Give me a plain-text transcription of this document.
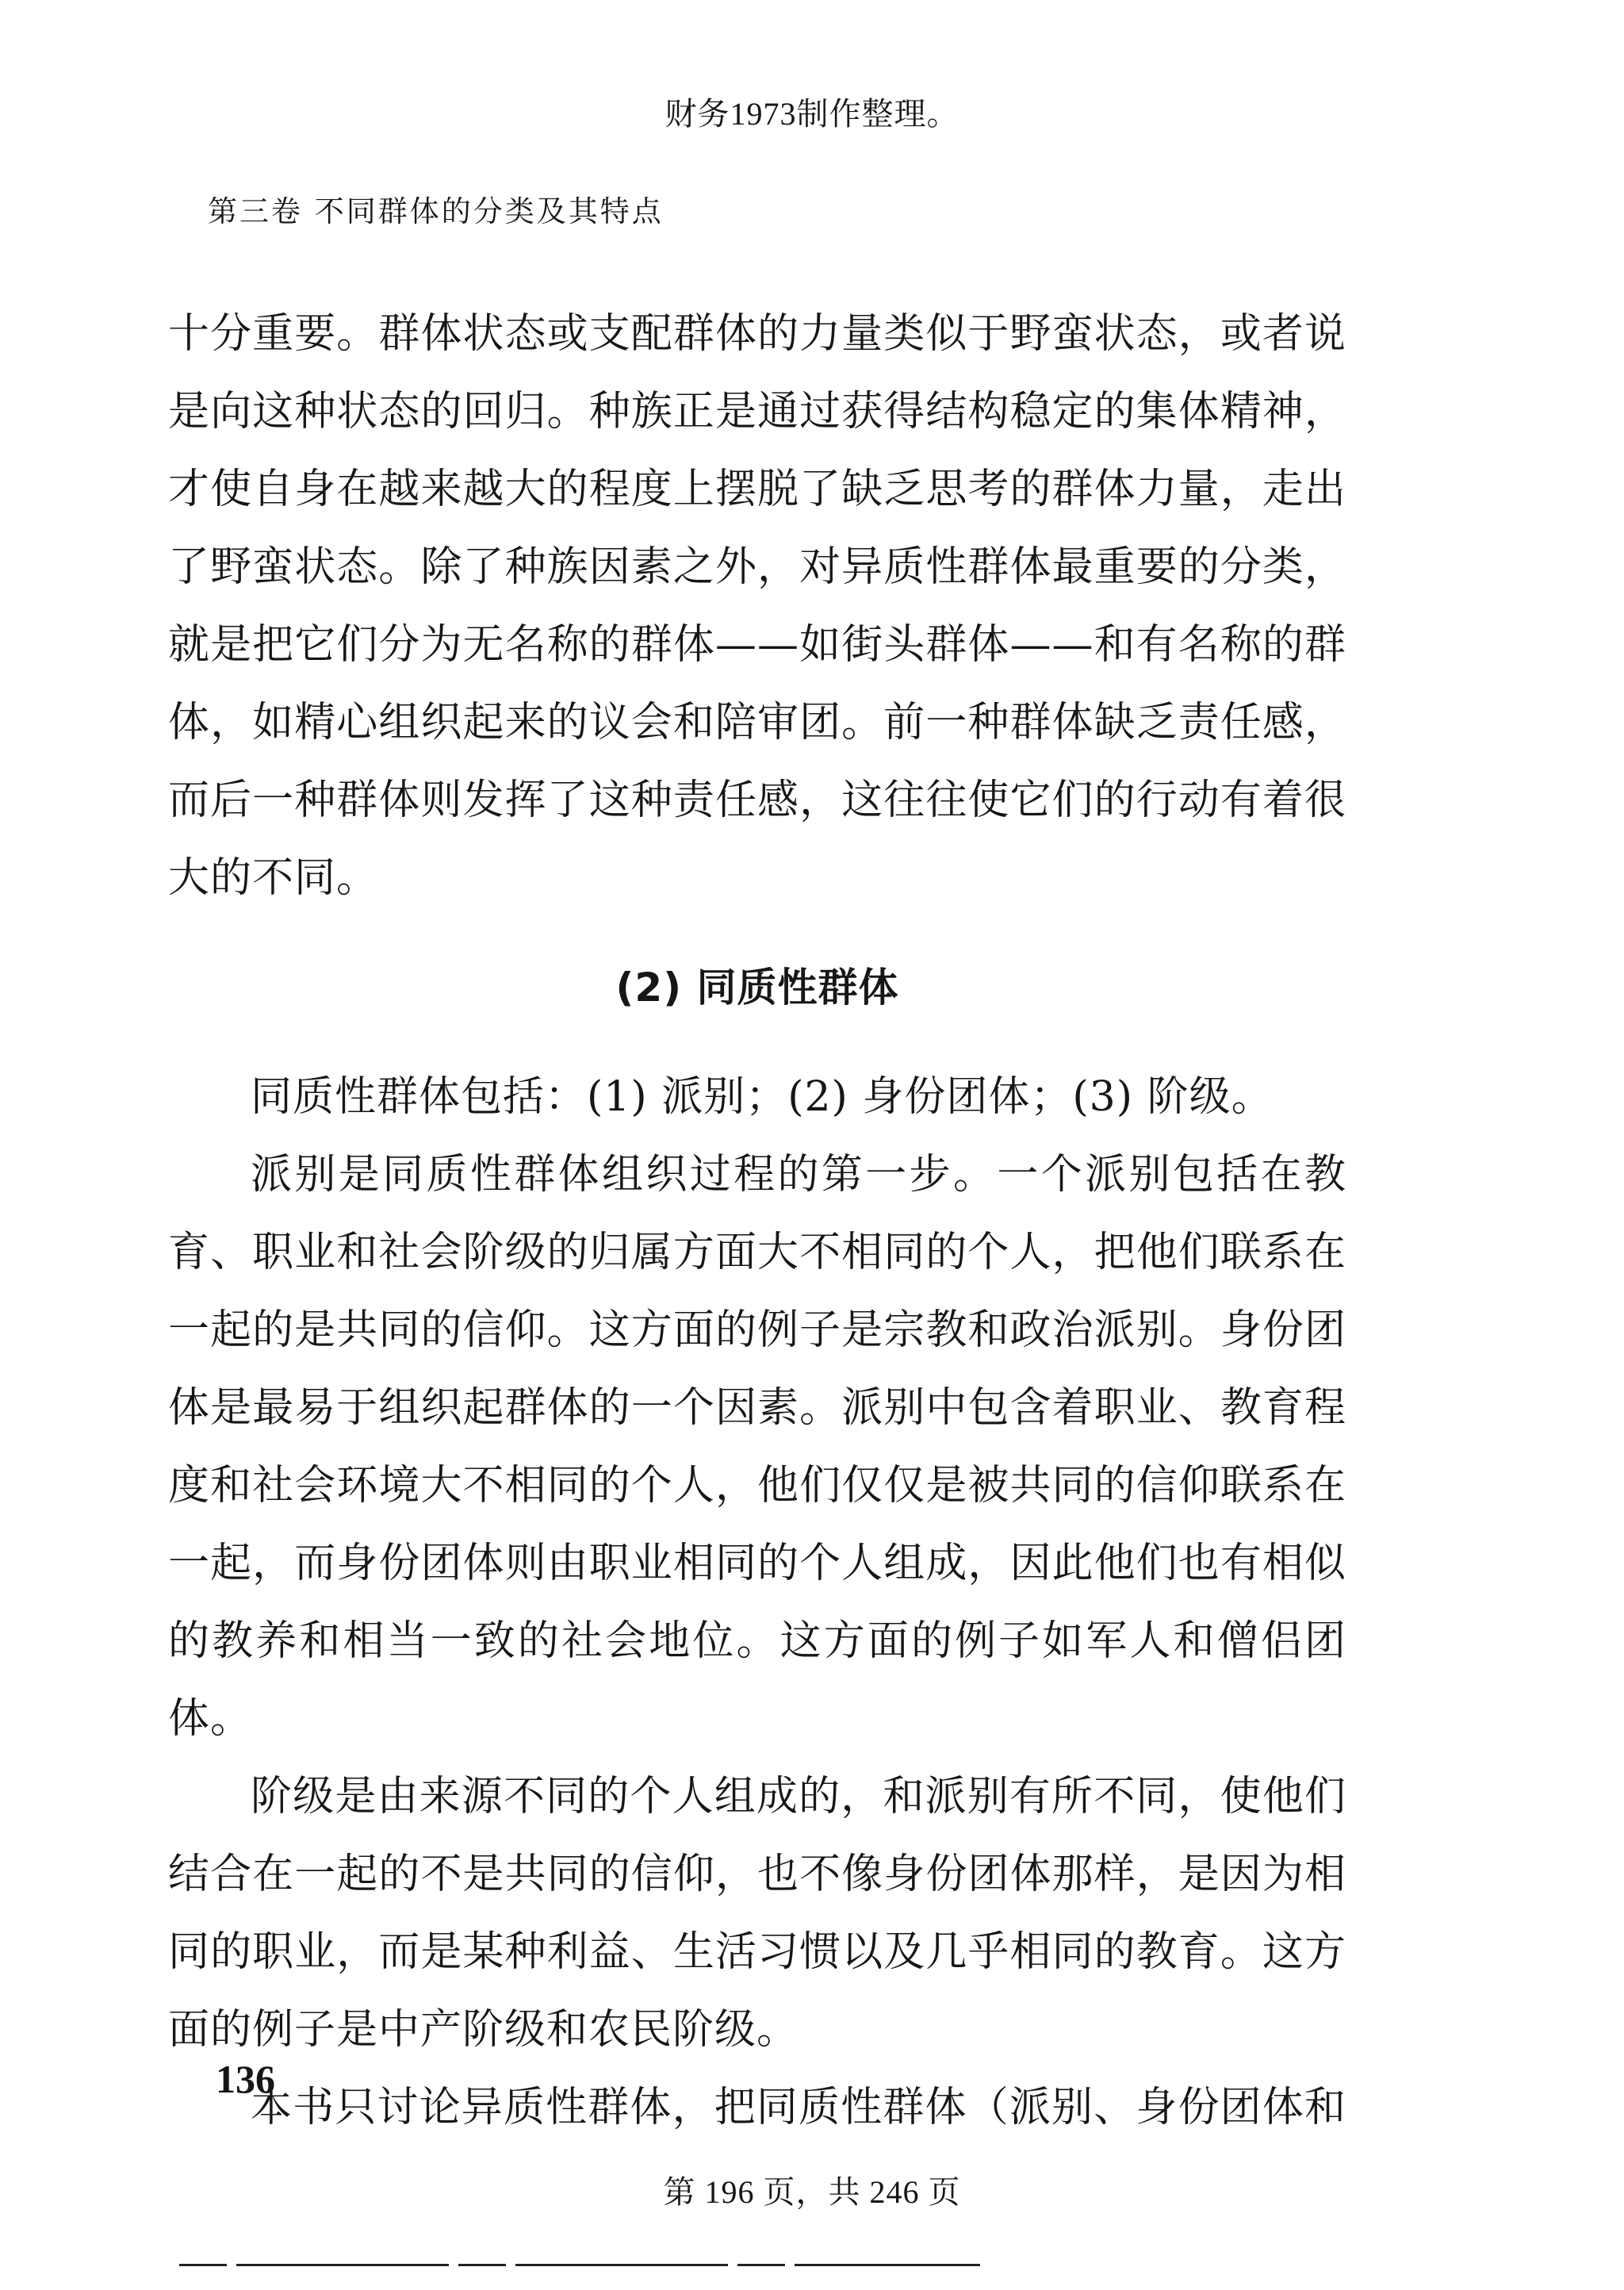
财务1973制作整理。
第三卷 不同群体的分类及其特点
十分重要。群体状态或支配群体的力量类似于野蛮状态，或者说
是向这种状态的回归。种族正是通过获得结构稳定的集体精神，
才使自身在越来越大的程度上摆脱了缺乏思考的群体力量，走出
了野蛮状态。除了种族因素之外，对异质性群体最重要的分类，
就是把它们分为无名称的群体——如街头群体——和有名称的群
体，如精心组织起来的议会和陪审团。前一种群体缺乏责任感，
而后一种群体则发挥了这种责任感，这往往使它们的行动有着很
大的不同。
(2) 同质性群体
同质性群体包括：(1) 派别；(2) 身份团体；(3) 阶级。
派别是同质性群体组织过程的第一步。一个派别包括在教
育、职业和社会阶级的归属方面大不相同的个人，把他们联系在
一起的是共同的信仰。这方面的例子是宗教和政治派别。身份团
体是最易于组织起群体的一个因素。派别中包含着职业、教育程
度和社会环境大不相同的个人，他们仅仅是被共同的信仰联系在
一起，而身份团体则由职业相同的个人组成，因此他们也有相似
的教养和相当一致的社会地位。这方面的例子如军人和僧侣团
体。
阶级是由来源不同的个人组成的，和派别有所不同，使他们
结合在一起的不是共同的信仰，也不像身份团体那样，是因为相
同的职业，而是某种利益、生活习惯以及几乎相同的教育。这方
面的例子是中产阶级和农民阶级。
本书只讨论异质性群体，把同质性群体（派别、身份团体和
136
第 196 页，共 246 页
